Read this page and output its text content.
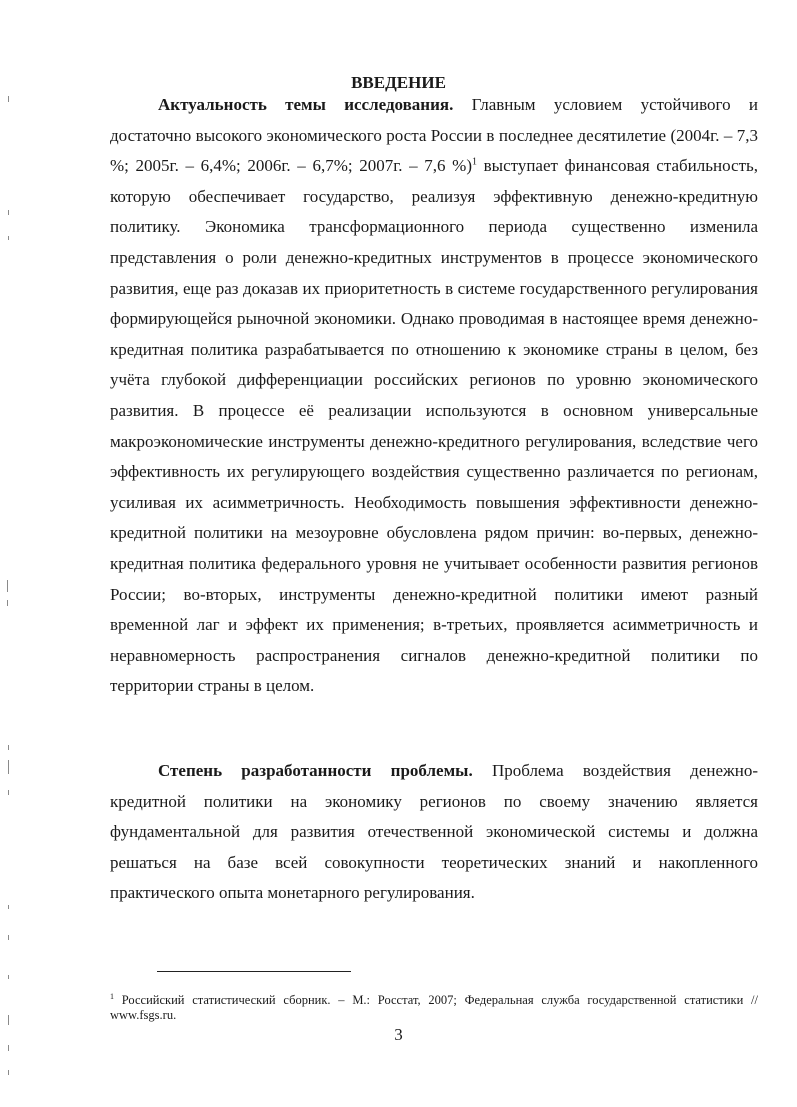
ВВЕДЕНИЕ

Актуальность темы исследования. Главным условием устойчивого и достаточно высокого экономического роста России в последнее десятилетие (2004г. – 7,3 %; 2005г. – 6,4%; 2006г. – 6,7%; 2007г. – 7,6 %)$^1$ выступает финансовая стабильность, которую обеспечивает государство, реализуя эффективную денежно-кредитную политику. Экономика трансформационного периода существенно изменила представления о роли денежно-кредитных инструментов в процессе экономического развития, еще раз доказав их приоритетность в системе государственного регулирования формирующейся рыночной экономики. Однако проводимая в настоящее время денежно-кредитная политика разрабатывается по отношению к экономике страны в целом, без учёта глубокой дифференциации российских регионов по уровню экономического развития. В процессе её реализации используются в основном универсальные макроэкономические инструменты денежно-кредитного регулирования, вследствие чего эффективность их регулирующего воздействия существенно различается по регионам, усиливая их асимметричность. Необходимость повышения эффективности денежно-кредитной политики на мезоуровне обусловлена рядом причин: во-первых, денежно-кредитная политика федерального уровня не учитывает особенности развития регионов России; во-вторых, инструменты денежно-кредитной политики имеют разный временной лаг и эффект их применения; в-третьих, проявляется асимметричность и неравномерность распространения сигналов денежно-кредитной политики по территории страны в целом.

Степень разработанности проблемы. Проблема воздействия денежно-кредитной политики на экономику регионов по своему значению является фундаментальной для развития отечественной экономической системы и должна решаться на базе всей совокупности теоретических знаний и накопленного практического опыта монетарного регулирования.

$^1$ Российский статистический сборник. – М.: Росстат, 2007; Федеральная служба государственной статистики // www.fsgs.ru.

3
